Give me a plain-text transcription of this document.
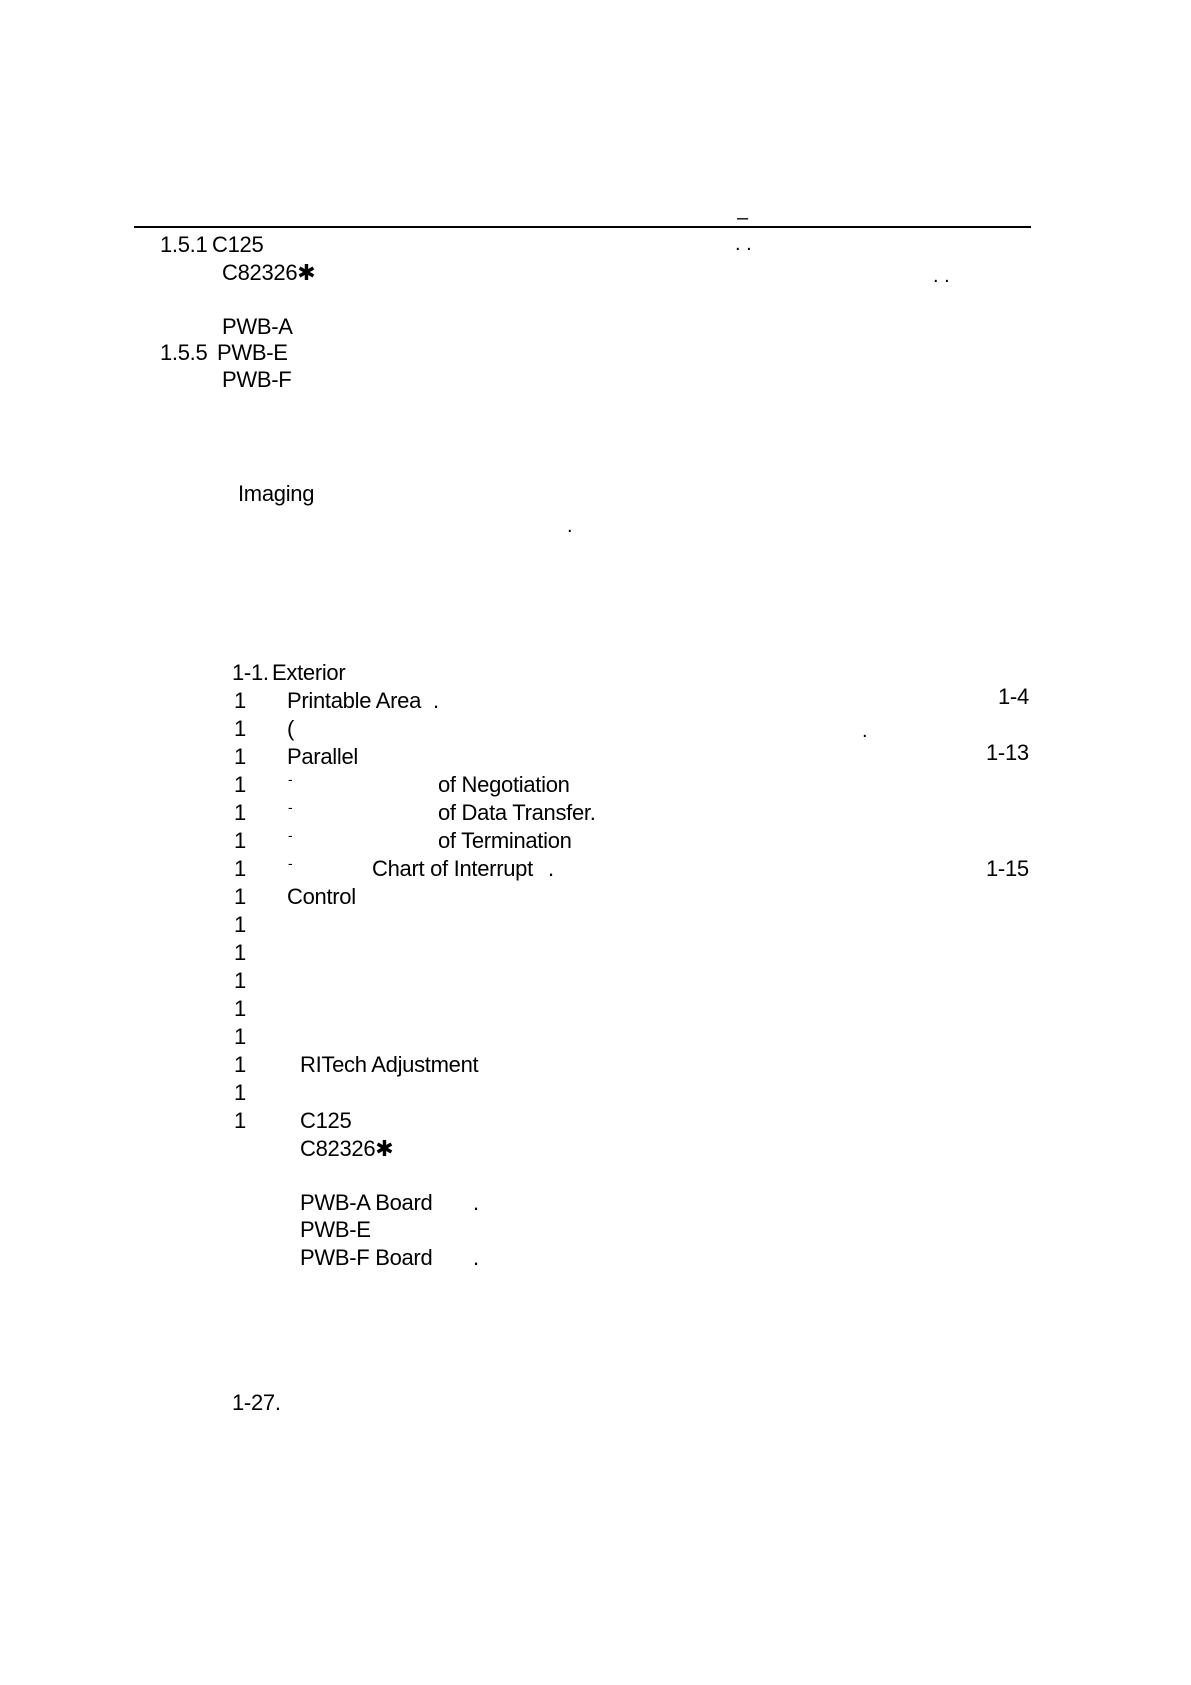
–
. .
. .
.
.
1.5.1 C125
C82326✱
PWB-A
1.5.5 PWB-E
PWB-F
Imaging
1-1.
1
1
1
1
1
1
1
1
1
1
1
1
1
1
1
1
1-27.
-
-
-
-
Exterior
Printable Area .
(
Parallel
of Negotiation
of Data Transfer.
of Termination
Chart of Interrupt .
Control
RITech Adjustment
C125
C82326✱
PWB-A Board .
PWB-E
PWB-F Board .
1-4
1-13
1-15
